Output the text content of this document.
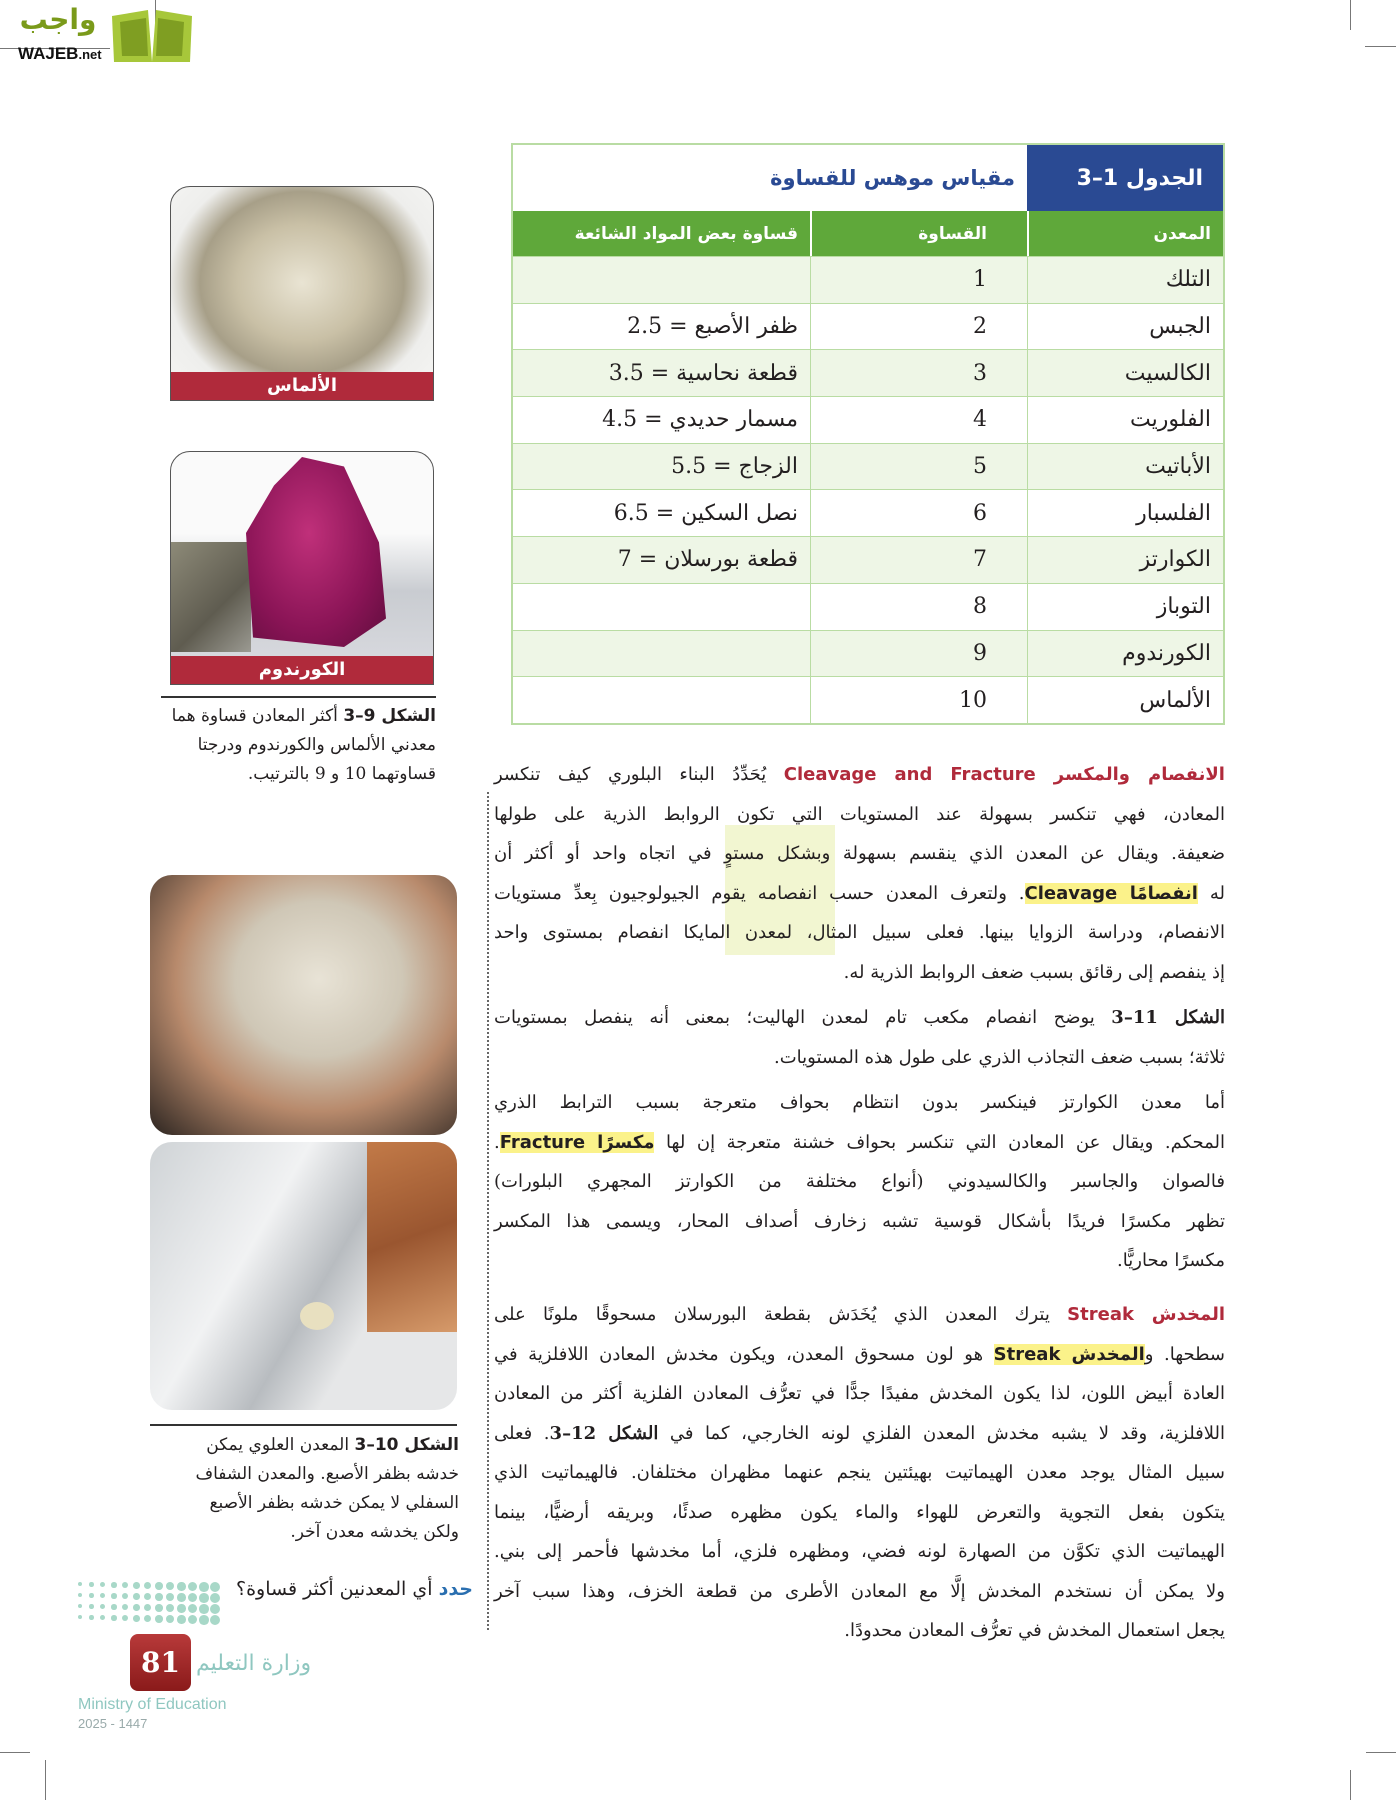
واجب
WAJEB.net
الجدول 1–3
مقياس موهس للقساوة
المعدن
القساوة
قساوة بعض المواد الشائعة
التلك
1
الجبس
2
ظفر الأصبع = 2.5
الكالسيت
3
قطعة نحاسية = 3.5
الفلوريت
4
مسمار حديدي = 4.5
الأباتيت
5
الزجاج = 5.5
الفلسبار
6
نصل السكين = 6.5
الكوارتز
7
قطعة بورسلان = 7
التوباز
8
الكورندوم
9
الألماس
10
الألماس
الكورندوم
الشكل 9–3 أكثر المعادن قساوة هما
معدني الألماس والكورندوم ودرجتا
قساوتهما 10 و 9 بالترتيب.
الشكل 10–3 المعدن العلوي يمكن
خدشه بظفر الأصبع. والمعدن الشفاف
السفلي لا يمكن خدشه بظفر الأصبع
ولكن يخدشه معدن آخر.
حدد أي المعدنين أكثر قساوة؟
81 وزارة التعليم
Ministry of Education
2025 - 1447
الانفصام والمكسر Cleavage and Fracture يُحَدِّدُ البناء البلوري كيف تنكسر
المعادن، فهي تنكسر بسهولة عند المستويات التي تكون الروابط الذرية على طولها
ضعيفة. ويقال عن المعدن الذي ينقسم بسهولة وبشكل مستوٍ في اتجاه واحد أو أكثر أن
له انفصامًا Cleavage. ولتعرف المعدن حسب انفصامه يقوم الجيولوجيون بِعدِّ مستويات
الانفصام، ودراسة الزوايا بينها. فعلى سبيل المثال، لمعدن المايكا انفصام بمستوى واحد
إذ ينفصم إلى رقائق بسبب ضعف الروابط الذرية له.
الشكل 11–3 يوضح انفصام مكعب تام لمعدن الهاليت؛ بمعنى أنه ينفصل بمستويات
ثلاثة؛ بسبب ضعف التجاذب الذري على طول هذه المستويات.
أما معدن الكوارتز فينكسر بدون انتظام بحواف متعرجة بسبب الترابط الذري
المحكم. ويقال عن المعادن التي تنكسر بحواف خشنة متعرجة إن لها مكسرًا Fracture.
فالصوان والجاسبر والكالسيدوني (أنواع مختلفة من الكوارتز المجهري البلورات)
تظهر مكسرًا فريدًا بأشكال قوسية تشبه زخارف أصداف المحار، ويسمى هذا المكسر
مكسرًا محاريًّا.
المخدش Streak يترك المعدن الذي يُخَدَش بقطعة البورسلان مسحوقًا ملونًا على
سطحها. والمخدش Streak هو لون مسحوق المعدن، ويكون مخدش المعادن اللافلزية في
العادة أبيض اللون، لذا يكون المخدش مفيدًا جدًّا في تعرُّف المعادن الفلزية أكثر من المعادن
اللافلزية، وقد لا يشبه مخدش المعدن الفلزي لونه الخارجي، كما في الشكل 12–3. فعلى
سبيل المثال يوجد معدن الهيماتيت بهيئتين ينجم عنهما مظهران مختلفان. فالهيماتيت الذي
يتكون بفعل التجوية والتعرض للهواء والماء يكون مظهره صدئًا، وبريقه أرضيًّا، بينما
الهيماتيت الذي تكوَّن من الصهارة لونه فضي، ومظهره فلزي، أما مخدشها فأحمر إلى بني.
ولا يمكن أن نستخدم المخدش إلَّا مع المعادن الأطرى من قطعة الخزف، وهذا سبب آخر
يجعل استعمال المخدش في تعرُّف المعادن محدودًا.
